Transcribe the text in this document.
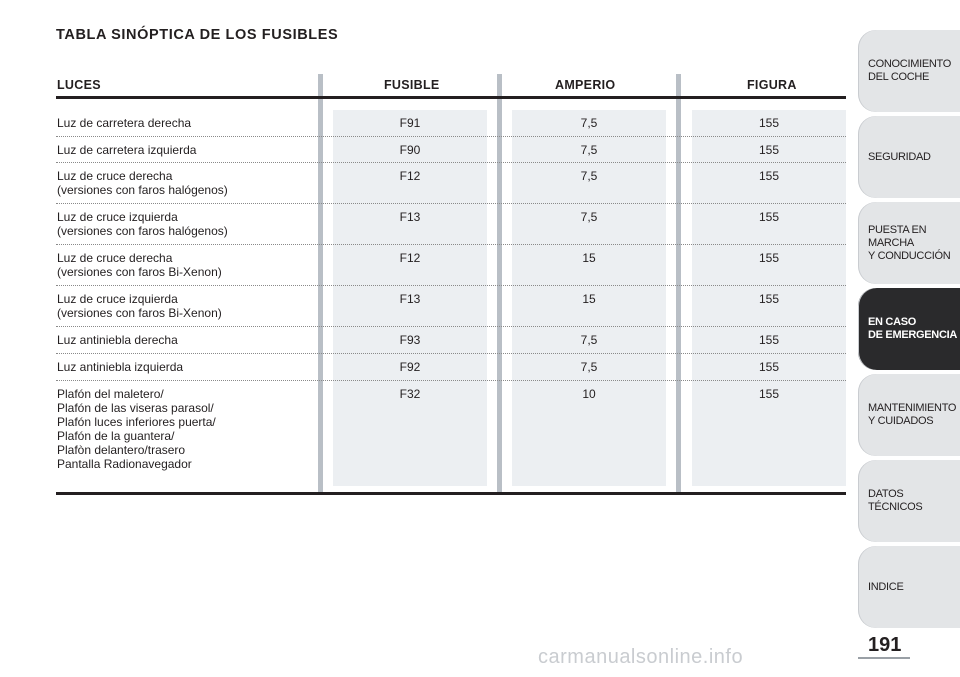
TABLA SINÓPTICA DE LOS FUSIBLES
LUCES	FUSIBLE	AMPERIO	FIGURA
Luz de carretera derecha	F91	7,5	155
Luz de carretera izquierda	F90	7,5	155
Luz de cruce derecha
(versiones con faros halógenos)
F12	7,5	155
Luz de cruce izquierda
(versiones con faros halógenos)
F13	7,5	155
Luz de cruce derecha
(versiones con faros Bi-Xenon)
F12	15	155
Luz de cruce izquierda
(versiones con faros Bi-Xenon)
F13	15	155
Luz antiniebla derecha	F93	7,5	155
Luz antiniebla izquierda	F92	7,5	155
Plafón del maletero/
Plafón de las viseras parasol/
Plafón luces inferiores puerta/
Plafón de la guantera/
Plafòn delantero/trasero
Pantalla Radionavegador
F32	10	155
CONOCIMIENTO
DEL COCHE
SEGURIDAD
PUESTA EN MARCHA
Y CONDUCCIÓN
EN CASO
DE EMERGENCIA
MANTENIMIENTO
Y CUIDADOS
DATOS TÉCNICOS
INDICE
191
carmanualsonline.info
